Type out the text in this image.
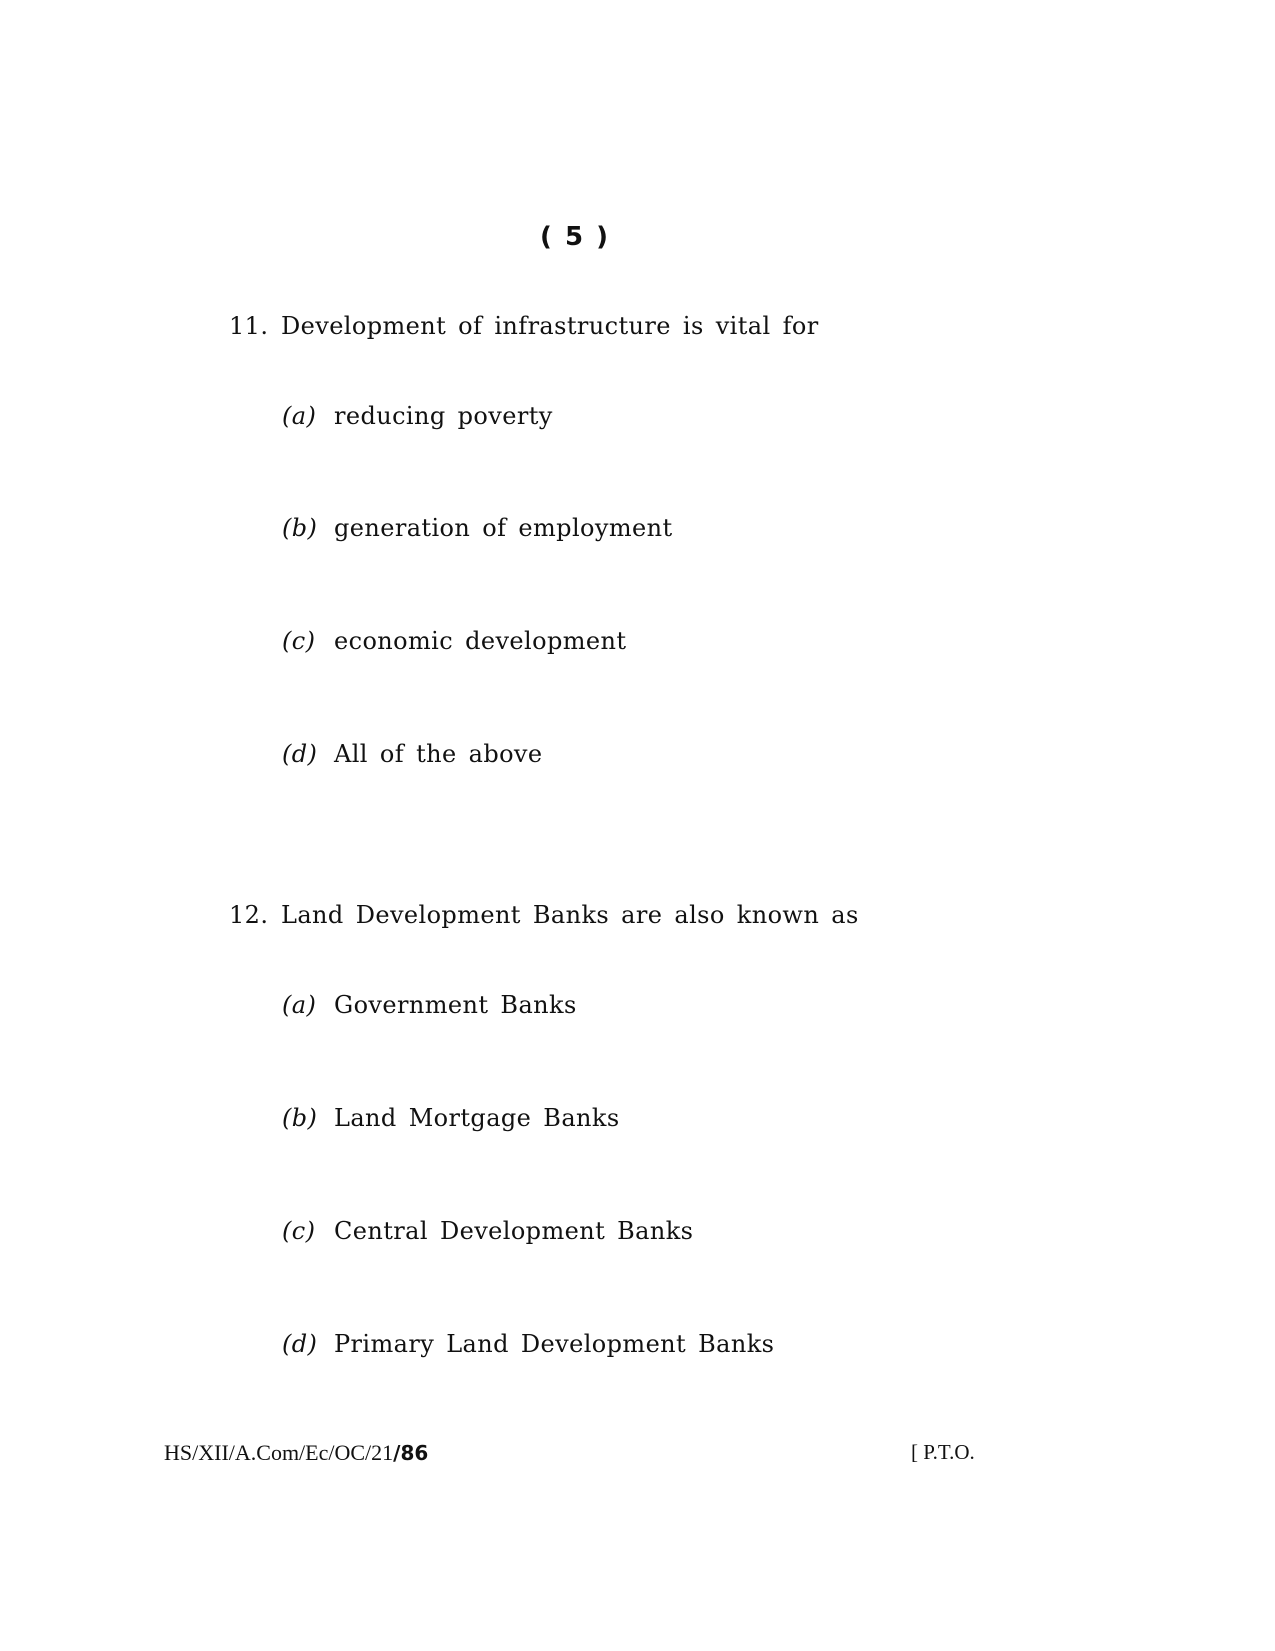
( 5 )
11. Development of infrastructure is vital for
(a) reducing poverty
(b) generation of employment
(c) economic development
(d) All of the above
12. Land Development Banks are also known as
(a) Government Banks
(b) Land Mortgage Banks
(c) Central Development Banks
(d) Primary Land Development Banks
HS/XII/A.Com/Ec/OC/21/86	[ P.T.O.
